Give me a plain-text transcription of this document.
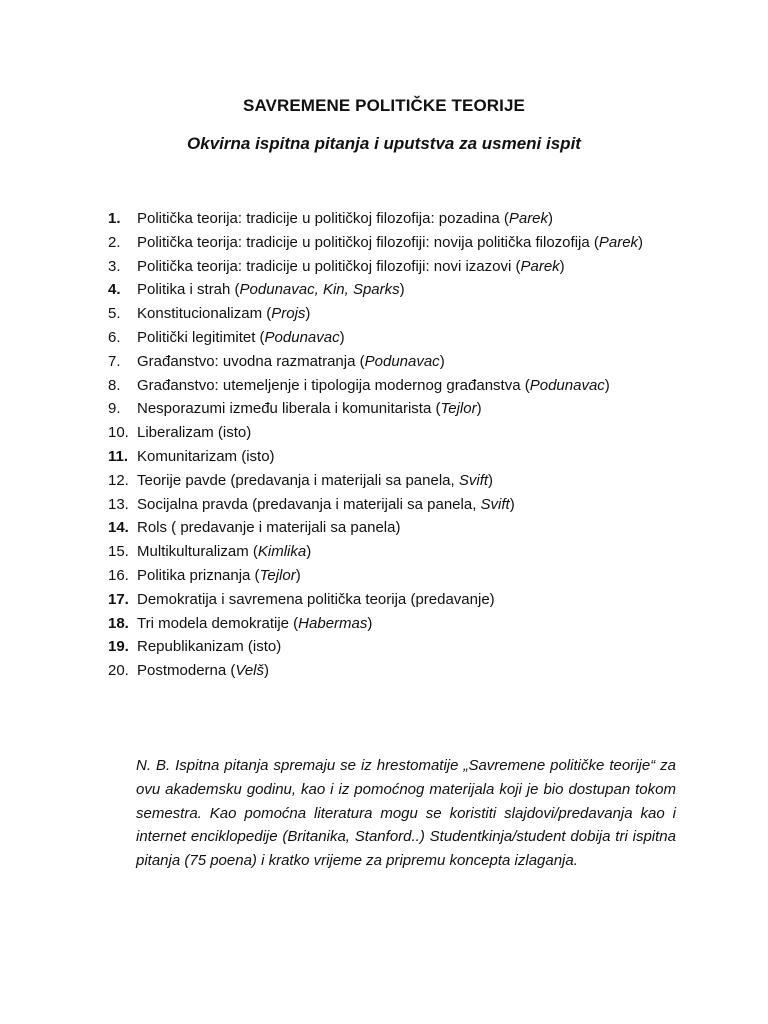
SAVREMENE POLITIČKE TEORIJE
Okvirna ispitna pitanja i uputstva za usmeni ispit
1. Politička teorija: tradicije u političkoj filozofija: pozadina (Parek)
2. Politička teorija: tradicije u političkoj filozofiji: novija politička filozofija (Parek)
3. Politička teorija: tradicije u političkoj filozofiji: novi izazovi (Parek)
4. Politika i strah (Podunavac, Kin, Sparks)
5. Konstitucionalizam (Projs)
6. Politički legitimitet (Podunavac)
7. Građanstvo: uvodna razmatranja (Podunavac)
8. Građanstvo: utemeljenje i tipologija modernog građanstva (Podunavac)
9. Nesporazumi između liberala i komunitarista (Tejlor)
10. Liberalizam (isto)
11. Komunitarizam (isto)
12. Teorije pavde (predavanja i materijali sa panela, Svift)
13. Socijalna pravda (predavanja i materijali sa panela, Svift)
14. Rols ( predavanje i materijali sa panela)
15. Multikulturalizam (Kimlika)
16. Politika priznanja (Tejlor)
17. Demokratija i savremena politička teorija (predavanje)
18. Tri modela demokratije (Habermas)
19. Republikanizam (isto)
20. Postmoderna (Velš)

N. B. Ispitna pitanja spremaju se iz hrestomatije „Savremene političke teorije“ za ovu akademsku godinu, kao i iz pomoćnog materijala koji je bio dostupan tokom semestra. Kao pomoćna literatura mogu se koristiti slajdovi/predavanja kao i internet enciklopedije (Britanika, Stanford..) Studentkinja/student dobija tri ispitna pitanja (75 poena) i kratko vrijeme za pripremu koncepta izlaganja.
